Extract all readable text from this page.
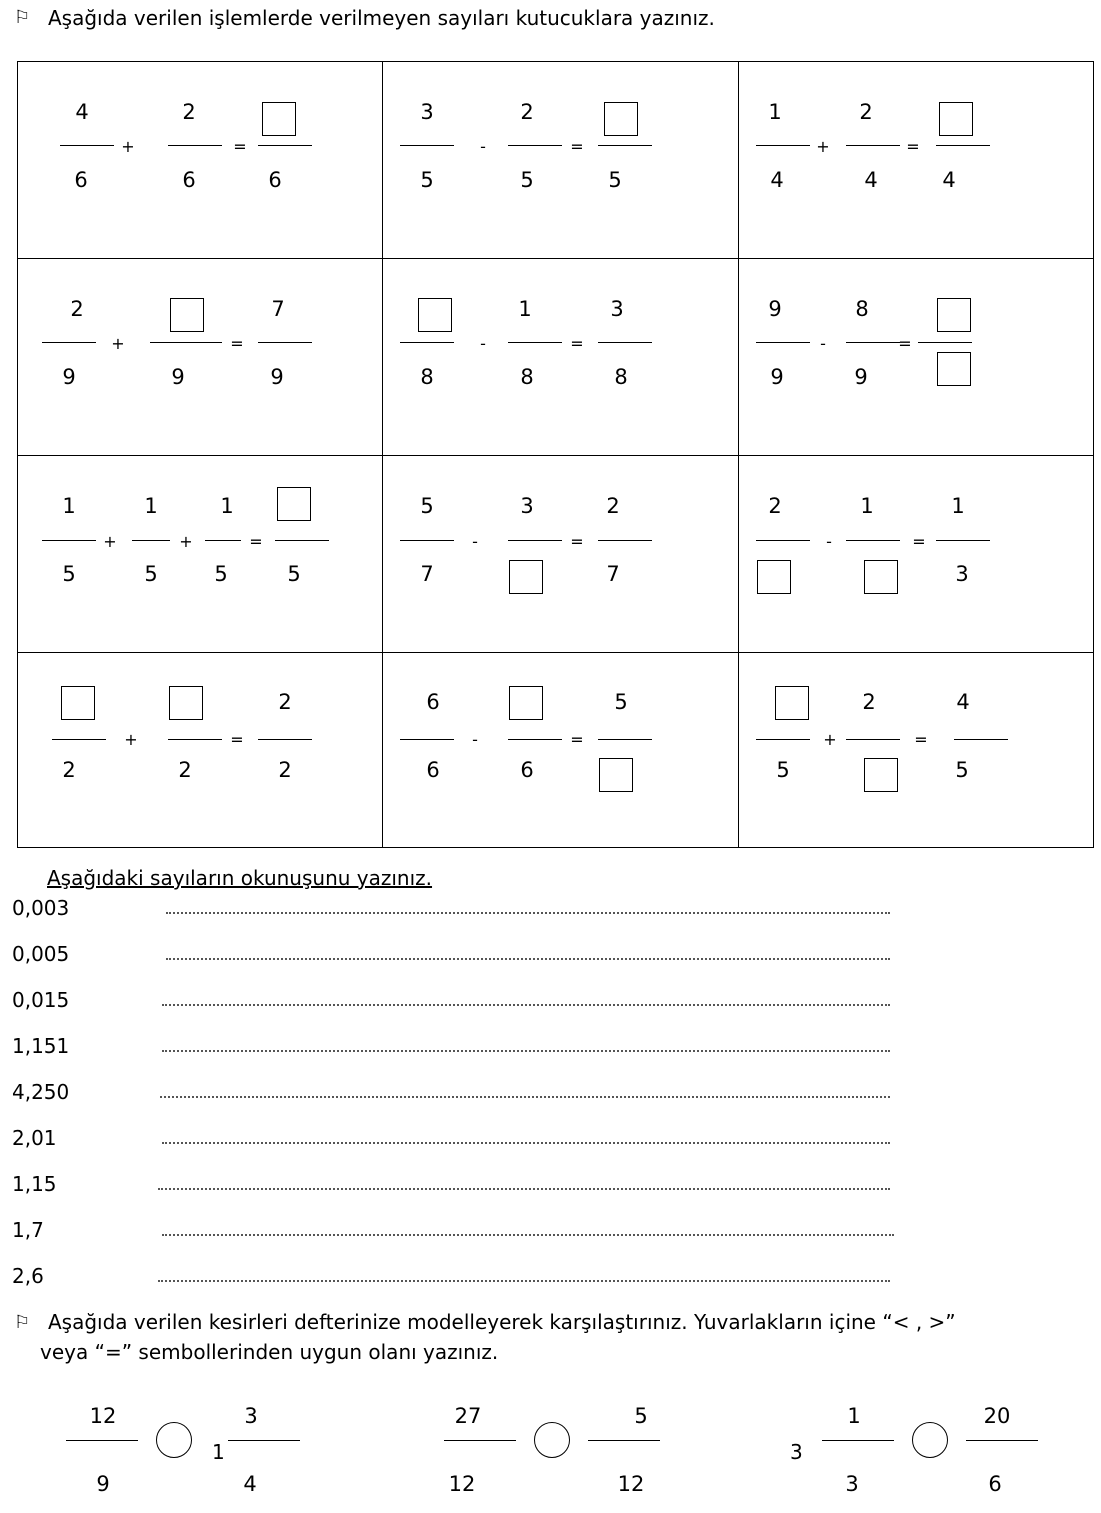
⚐ Aşağıda verilen işlemlerde verilmeyen sayıları kutucuklara yazınız.
4
6
+
2
6
=
6
3
5
-
2
5
=
5
1
4
+
2
4
=
4
2
9
+
9
=
7
9	8
-
1
8
=
3
8
9
9
-
8
9
=
1
5
+
1
5
+
1
5
=
5
5
7
-
3
=
2
7
2
-
1
=
1
3
2
+
2
=
2
2
6
6
-
6
=
5
5
+
2
=
4
5
Aşağıdaki sayıların okunuşunu yazınız.
0,003
0,005
0,015
1,151
4,250
2,01
1,15
1,7
2,6
⚐ Aşağıda verilen kesirleri defterinize modelleyerek karşılaştırınız. Yuvarlakların içine “< , >”
veya “=” sembollerinden uygun olanı yazınız.
12
9
1
3
4
27
12
5
12
3
1
3
20
6
